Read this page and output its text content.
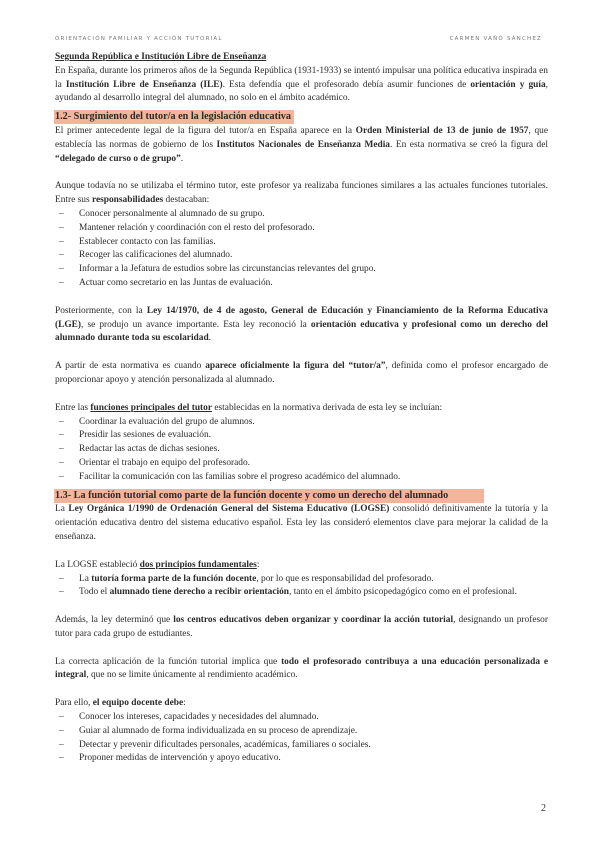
ORIENTACIÓN FAMILIAR Y ACCIÓN TUTORIAL	CARMEN VAÑÓ SÁNCHEZ

Segunda República e Institución Libre de Enseñanza

En España, durante los primeros años de la Segunda República (1931-1933) se intentó impulsar una política educativa inspirada en la Institución Libre de Enseñanza (ILE). Esta defendía que el profesorado debía asumir funciones de orientación y guía, ayudando al desarrollo integral del alumnado, no solo en el ámbito académico.

1.2- Surgimiento del tutor/a en la legislación educativa

El primer antecedente legal de la figura del tutor/a en España aparece en la Orden Ministerial de 13 de junio de 1957, que establecía las normas de gobierno de los Institutos Nacionales de Enseñanza Media. En esta normativa se creó la figura del “delegado de curso o de grupo”.

Aunque todavía no se utilizaba el término tutor, este profesor ya realizaba funciones similares a las actuales funciones tutoriales. Entre sus responsabilidades destacaban:

– Conocer personalmente al alumnado de su grupo.
– Mantener relación y coordinación con el resto del profesorado.
– Establecer contacto con las familias.
– Recoger las calificaciones del alumnado.
– Informar a la Jefatura de estudios sobre las circunstancias relevantes del grupo.
– Actuar como secretario en las Juntas de evaluación.

Posteriormente, con la Ley 14/1970, de 4 de agosto, General de Educación y Financiamiento de la Reforma Educativa (LGE), se produjo un avance importante. Esta ley reconoció la orientación educativa y profesional como un derecho del alumnado durante toda su escolaridad.

A partir de esta normativa es cuando aparece oficialmente la figura del “tutor/a”, definida como el profesor encargado de proporcionar apoyo y atención personalizada al alumnado.

Entre las funciones principales del tutor establecidas en la normativa derivada de esta ley se incluían:

– Coordinar la evaluación del grupo de alumnos.
– Presidir las sesiones de evaluación.
– Redactar las actas de dichas sesiones.
– Orientar el trabajo en equipo del profesorado.
– Facilitar la comunicación con las familias sobre el progreso académico del alumnado.
1.3- La función tutorial como parte de la función docente y como un derecho del alumnado

La Ley Orgánica 1/1990 de Ordenación General del Sistema Educativo (LOGSE) consolidó definitivamente la tutoría y la orientación educativa dentro del sistema educativo español. Esta ley las consideró elementos clave para mejorar la calidad de la enseñanza.

La LOGSE estableció dos principios fundamentales:

– La tutoría forma parte de la función docente, por lo que es responsabilidad del profesorado.
– Todo el alumnado tiene derecho a recibir orientación, tanto en el ámbito psicopedagógico como en el profesional.

Además, la ley determinó que los centros educativos deben organizar y coordinar la acción tutorial, designando un profesor tutor para cada grupo de estudiantes.

La correcta aplicación de la función tutorial implica que todo el profesorado contribuya a una educación personalizada e integral, que no se limite únicamente al rendimiento académico.

Para ello, el equipo docente debe:

– Conocer los intereses, capacidades y necesidades del alumnado.
– Guiar al alumnado de forma individualizada en su proceso de aprendizaje.
– Detectar y prevenir dificultades personales, académicas, familiares o sociales.
– Proponer medidas de intervención y apoyo educativo.
2
